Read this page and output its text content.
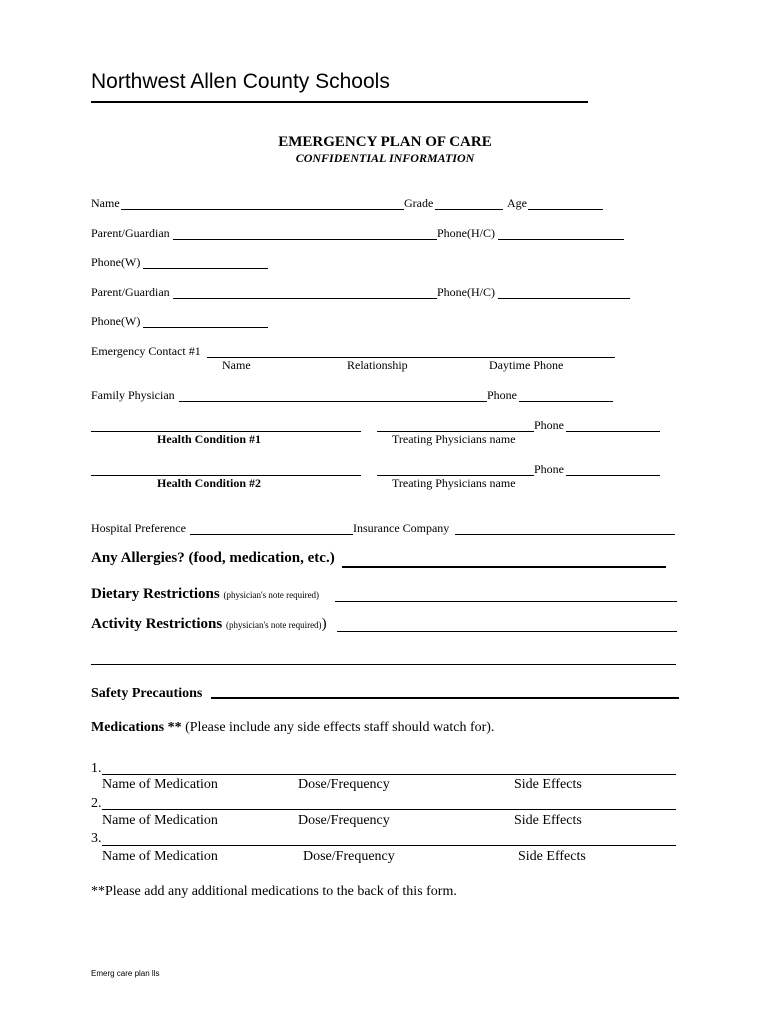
Northwest Allen County Schools
EMERGENCY PLAN OF CARE
CONFIDENTIAL INFORMATION
Name	Grade	Age
Parent/Guardian	Phone(H/C)
Phone(W)
Parent/Guardian	Phone(H/C)
Phone(W)
Emergency Contact #1
Name	Relationship	Daytime Phone
Family Physician	Phone
Phone
Health Condition #1	Treating Physicians name
Phone
Health Condition #2	Treating Physicians name
Hospital Preference	Insurance Company
Any Allergies? (food, medication, etc.)
Dietary Restrictions (physician's note required)
Activity Restrictions (physician's note required))
Safety Precautions
Medications ** (Please include any side effects staff should watch for).
1.
Name of Medication	Dose/Frequency	Side Effects
2.
Name of Medication	Dose/Frequency	Side Effects
3.
Name of Medication	Dose/Frequency	Side Effects
**Please add any additional medications to the back of this form.
Emerg care plan lls
